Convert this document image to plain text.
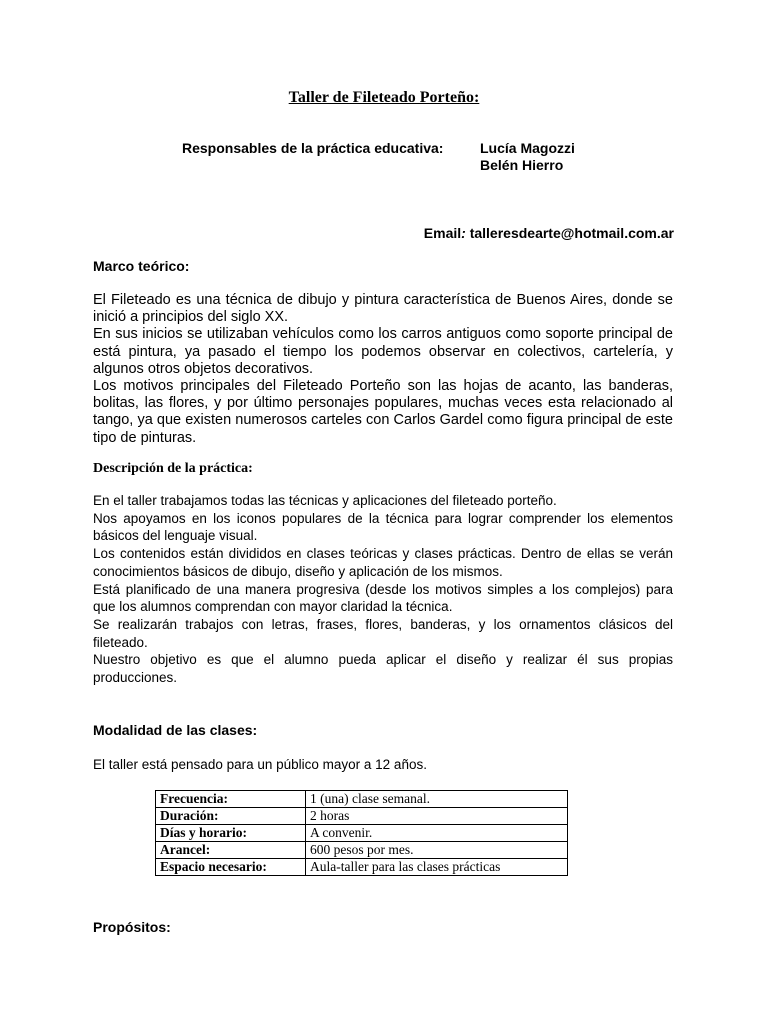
Taller de Fileteado Porteño:
Responsables de la práctica educativa:	Lucía Magozzi
Belén Hierro
Email: talleresdearte@hotmail.com.ar
Marco teórico:

El Fileteado es una técnica de dibujo y pintura característica de Buenos Aires, donde se inició a principios del siglo XX.

En sus inicios se utilizaban vehículos como los carros antiguos como soporte principal de está pintura, ya pasado el tiempo los podemos observar en colectivos, cartelería, y algunos otros objetos decorativos.

Los motivos principales del Fileteado Porteño son las hojas de acanto, las banderas, bolitas, las flores, y por último personajes populares, muchas veces esta relacionado al tango, ya que existen numerosos carteles con Carlos Gardel como figura principal de este tipo de pinturas.

Descripción de la práctica:

En el taller trabajamos todas las técnicas y aplicaciones del fileteado porteño.

Nos apoyamos en los iconos populares de la técnica para lograr comprender los elementos básicos del lenguaje visual.

Los contenidos están divididos en clases teóricas y clases prácticas. Dentro de ellas se verán conocimientos básicos de dibujo, diseño y aplicación de los mismos.

Está planificado de una manera progresiva (desde los motivos simples a los complejos) para que los alumnos comprendan con mayor claridad la técnica.

Se realizarán trabajos con letras, frases, flores, banderas, y los ornamentos clásicos del fileteado.

Nuestro objetivo es que el alumno pueda aplicar el diseño y realizar él sus propias producciones.

Modalidad de las clases:

El taller está pensado para un público mayor a 12 años.

Frecuencia:	1 (una) clase semanal.
Duración:	2 horas
Días y horario:	A convenir.
Arancel:	600 pesos por mes.
Espacio necesario:	Aula-taller para las clases prácticas
Propósitos:
